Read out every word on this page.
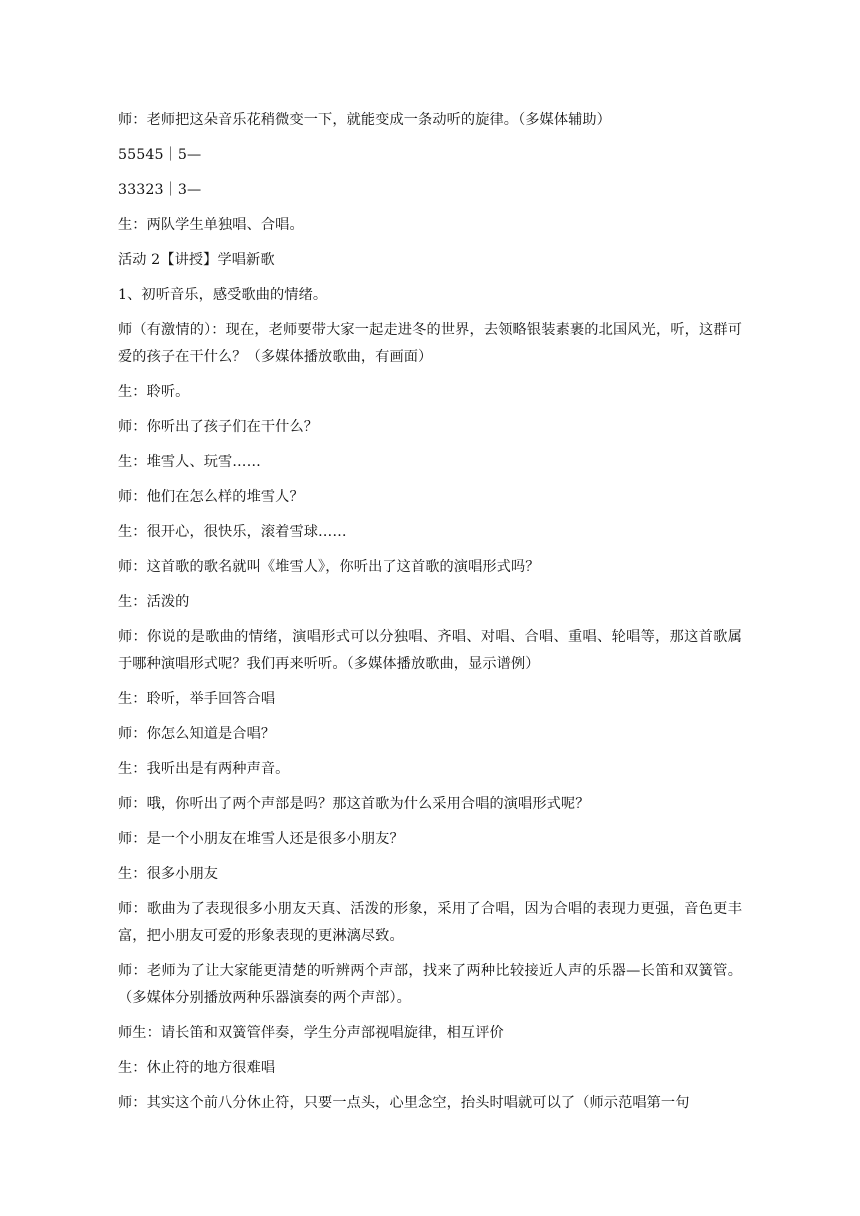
师：老师把这朵音乐花稍微变一下，就能变成一条动听的旋律。（多媒体辅助）

55545｜5—

33323｜3—

生：两队学生单独唱、合唱。

活动 2【讲授】学唱新歌

1、初听音乐，感受歌曲的情绪。

师（有激情的）：现在，老师要带大家一起走进冬的世界，去领略银装素裹的北国风光，听，这群可爱的孩子在干什么？（多媒体播放歌曲，有画面）

生：聆听。

师：你听出了孩子们在干什么？

生：堆雪人、玩雪……

师：他们在怎么样的堆雪人？

生：很开心，很快乐，滚着雪球……

师：这首歌的歌名就叫《堆雪人》，你听出了这首歌的演唱形式吗？

生：活泼的

师：你说的是歌曲的情绪，演唱形式可以分独唱、齐唱、对唱、合唱、重唱、轮唱等，那这首歌属于哪种演唱形式呢？我们再来听听。（多媒体播放歌曲，显示谱例）

生：聆听，举手回答合唱

师：你怎么知道是合唱？

生：我听出是有两种声音。

师：哦，你听出了两个声部是吗？那这首歌为什么采用合唱的演唱形式呢？

师：是一个小朋友在堆雪人还是很多小朋友？

生：很多小朋友

师：歌曲为了表现很多小朋友天真、活泼的形象，采用了合唱，因为合唱的表现力更强，音色更丰富，把小朋友可爱的形象表现的更淋漓尽致。

师：老师为了让大家能更清楚的听辨两个声部，找来了两种比较接近人声的乐器—长笛和双簧管。（多媒体分别播放两种乐器演奏的两个声部）。

师生：请长笛和双簧管伴奏，学生分声部视唱旋律，相互评价

生：休止符的地方很难唱

师：其实这个前八分休止符，只要一点头，心里念空，抬头时唱就可以了（师示范唱第一句
